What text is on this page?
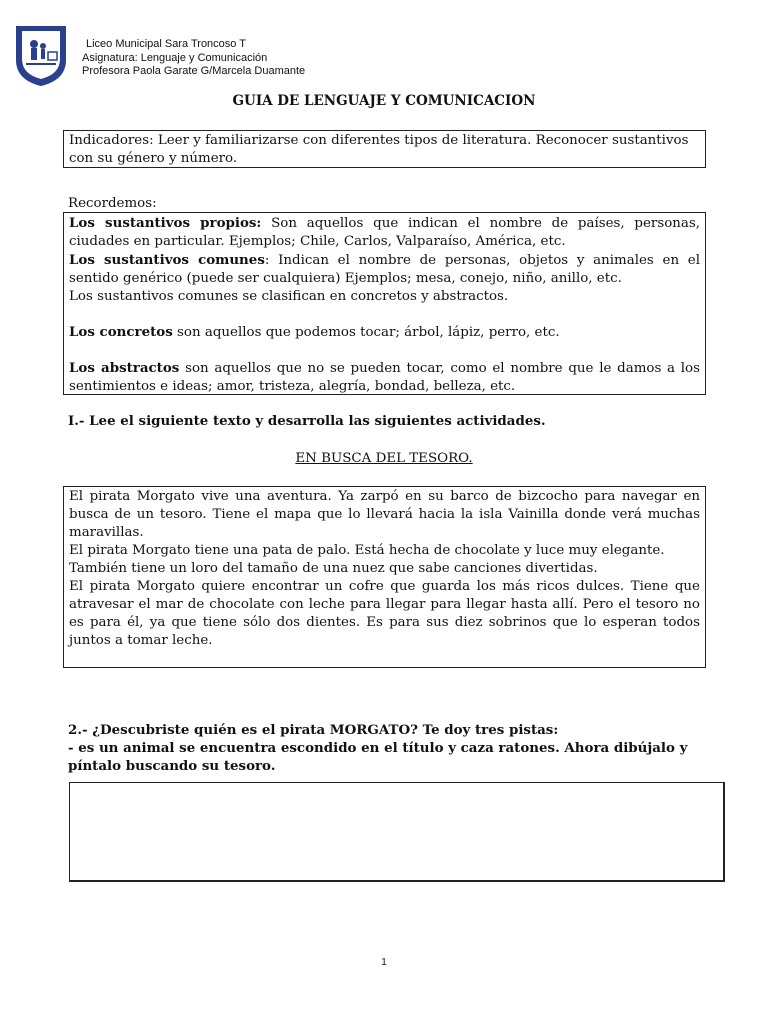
Liceo Municipal Sara Troncoso T
Asignatura: Lenguaje y Comunicación
Profesora Paola Garate G/Marcela Duamante
GUIA DE LENGUAJE Y COMUNICACION
Indicadores: Leer y familiarizarse con diferentes tipos de literatura. Reconocer sustantivos con su género y número.
Recordemos:

Los sustantivos propios: Son aquellos que indican el nombre de países, personas, ciudades en particular. Ejemplos; Chile, Carlos, Valparaíso, América, etc.

Los sustantivos comunes: Indican el nombre de personas, objetos y animales en el sentido genérico (puede ser cualquiera) Ejemplos; mesa, conejo, niño, anillo, etc.

Los sustantivos comunes se clasifican en concretos y abstractos.

Los concretos son aquellos que podemos tocar; árbol, lápiz, perro, etc.

Los abstractos son aquellos que no se pueden tocar, como el nombre que le damos a los sentimientos e ideas; amor, tristeza, alegría, bondad, belleza, etc.

I.- Lee el siguiente texto y desarrolla las siguientes actividades.
EN BUSCA DEL TESORO.

El pirata Morgato vive una aventura. Ya zarpó en su barco de bizcocho para navegar en busca de un tesoro. Tiene el mapa que lo llevará hacia la isla Vainilla donde verá muchas maravillas.

El pirata Morgato tiene una pata de palo. Está hecha de chocolate y luce muy elegante.

También tiene un loro del tamaño de una nuez que sabe canciones divertidas.

El pirata Morgato quiere encontrar un cofre que guarda los más ricos dulces. Tiene que atravesar el mar de chocolate con leche para llegar para llegar hasta allí. Pero el tesoro no es para él, ya que tiene sólo dos dientes. Es para sus diez sobrinos que lo esperan todos juntos a tomar leche.

2.- ¿Descubriste quién es el pirata MORGATO? Te doy tres pistas:
- es un animal se encuentra escondido en el título y caza ratones. Ahora dibújalo y píntalo buscando su tesoro.
1
